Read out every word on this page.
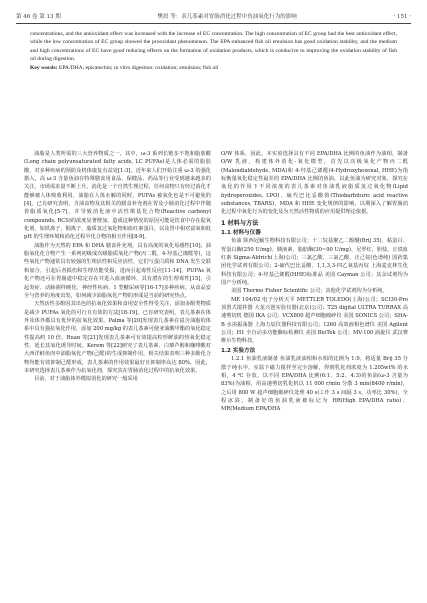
第 46 卷 第 13 期	樊晨 等：表儿茶素对胃肠消化过程中鱼油氧化行为的影响	· 151 ·

concentrations, and the antioxidant effect was increased with the increase of EC concentration. The high concentration of EC group had the best antioxidant effect, while the low concentration of EC group showed the prooxidant phenomenon. The EPA-enhanced fish oil emulsion has good oxidation stability, and the medium and high concentrations of EC have good reducing effects on the formation of oxidation products, which is conducive to improving the oxidation stability of fish oil during digestion.

Key words: EPA/DHA; epicatechin; in vitro digestion; oxidation; emulsion; fish oil

油脂是人类所需的三大营养物质之一，其中，ω-3 系列长链多不饱和脂肪酸(Long chain polyunsaturated fatty acids, LC PUFAs)是人体必需的脂肪酸，对多种疾病的预防及机体康复有益处[1-3]。近年来人们开始注重 ω-3 的强化摄入，高 ω-3 含量鱼油在特殊膳食用食品、保健品、药品等行业受到越来越多的关注，市场需求量不断上升。消化是一个自然生理过程，任何食物只有经过消化才能够被人体吸收利用，油脂在人体水解的同时，PUFAs 被氧化也是不可避免的[4]。已有研究表明，含油食物及其相关的膳食补充剂在胃及小肠消化过程中伴随着脂质氧化[5-7]，并导致消化液中活性羰基化合物(Reactive carbonyl compounds, RCS)的浓度显著增加。造成这种情况的原因可能是饮食中存在促氧化剂，如铁离子、铜离子、脂质氢过氧化物和血红素蛋白，以及胃中相对富氧和低 pH 的生理环境和消化过程中化合物的相互作用[8-9]。

油脂作为天然的 EPA 和 DHA 膳食补充剂，具有高度的氧化易感性[10]。油脂氧化化合物产生一系列初级成次级脂质氧化产物(丙二醛、4-羟基己烯醛等)，这些氧化产物通常具有较强的生理活性和反应活性，它们与蛋白质和 DNA 发生交联和加合，引起后者损伤和生理功能受损，进而引起毒性反应[11-14]。PUFAs 氧化产物还可在胃肠道中稳定存在并进入血液循环，具有潜在的生理毒性[15]，引起炎症、动脉粥样硬化、神经性疾病、1 型糖尿病等[16-17]多种疾病。从食品安全与营养的角度出发，如何减少油脂氧化产物的形成是当前的研究热点。

天然活性多酚因其出色的抗氧化效果和食用安全性得受关注，添加多酚类物质是减少 PUFAs 氧化的可行且有效的方法[18-19]。已有研究表明，表儿茶素在体外及体外都具有优异的抗氧化效果。Palma 等[20]发现表儿茶素在富含油脂的体系中具有强抗氧化作用，添加 200 mg/kg 的表儿茶素可使亚油酸甲酯的氧化稳定性提高约 10 倍。Ruan 等[21]发现表儿茶素可有效提高粒形鲜油的热氧化稳定性，延长其氧化诱导时间。Kerem 等[22]研究了表儿茶素、白藜芦醇和咖啡酸对大西洋鲑鱼肉中油脂氧化产物(己醛)的生成抑制作用，相关结果表明三种多酚化合物均能有效抑制己醛形成，表儿茶素的作用效果最好且抑制率高达 80%。因此，本研究选择表儿茶素作为抗氧化剂，探究其在胃肠消化过程中的抗氧化效果。

目前，对于油脂体外模拟消化的研究一般采用

O/W 体系，因此，本实验选择具有不同 EPA/DHA 比例的鱼油作为油相，制备 O/W 乳液，构建体外消化-氧化模型，首先以次级氧化产物丙二醛(Malondialdehyde, MDA)和 4-羟基己烯醛(4-Hydroxyhexenal, HHE)为指标衡量氧化稳定性最差的 EPA/DHA 比例的鱼油，以此鱼油为研究对象，探究在氧化的作用下不同浓度的表儿茶素对鱼油乳液脂质氢过氧化物(Lipid hydroperoxides, LPO)、硫代巴比妥酸值(Thiobarbituric acid reactive substances, TBARS)、MDA 和 HHE 变化规律的影响，以期深入了解胃肠消化过程中氧化行为的变化及为天然活性物质的应用提供理论依据。

1 材料与方法
1.1 材料与仪器

鱼油 陕西冠颖生物科技有限公司；十二烷基聚乙二醇醚(Brij 35)、粘蛋白、胃蛋白酶(250 U/mg)、胰液素、脂肪酶(30~90 U/mg)、尼罗红、胆盐、正铁血红素 Sigma-Aldrich(上海)公司；三氯乙酸、三氯乙酸、正己烷(色谱纯) 国药集团化学试剂有限公司；2-硫代巴比妥酸、1,1,3,3-四乙氧基丙烷 上海麦克林生化科技有限公司；4-羟基己烯醛(HHE)标准品 美国 Cayman 公司；其余试剂均为国产分析纯。

美国 Thermo Fisher Scientific 公司；其他化学试剂均为分析纯。

ME 104/02 电子分析天平 METTLER TOLEDO(上海)公司；SCI30-Pro 顶置式搅拌器 大龙兴创实验仪器(北京)公司；T25 digital ULTRA TURRAX 高速剪切机 德国 IKA 公司；VCX800 超声细胞破碎仪 美国 SONICS 公司；SHA-B 水浴振荡器 上海力辰仪器科技有限公司；1260 高效液相色谱仪 美国 Agilent 公司；H1 全自动多功能酶标检测仪 美国 BioTek 公司；MV-100 涡旋仪 武汉赛维尔生物科技。

1.2 实验方法

1.2.1 鱼油乳液制备 鱼油乳液油相和水相的比例为 1:9。将适量 Brij 35 分散于纯水中，室温下磁力搅拌至完全溶解，得到乳化剂浓度为 1.205wt% 的水相，4 ℃ 存放。以不同 EPA/DHA 比例(6:1、5:2、4:3)的鱼油(ω-3 含量为 83%)为油相，用高速剪切乳化机以 11 000 r/min 分散 3 min(8400 r/min)，之后用 800 W 超声细胞破碎仪处理 40 s(工作 3 s 间隔 3 s，功率比 30%)，全程冰浴，制备好的鱼油乳液被标记为 HR(High EPA/DHA ratio)、MR(Medium EPA/DHA
